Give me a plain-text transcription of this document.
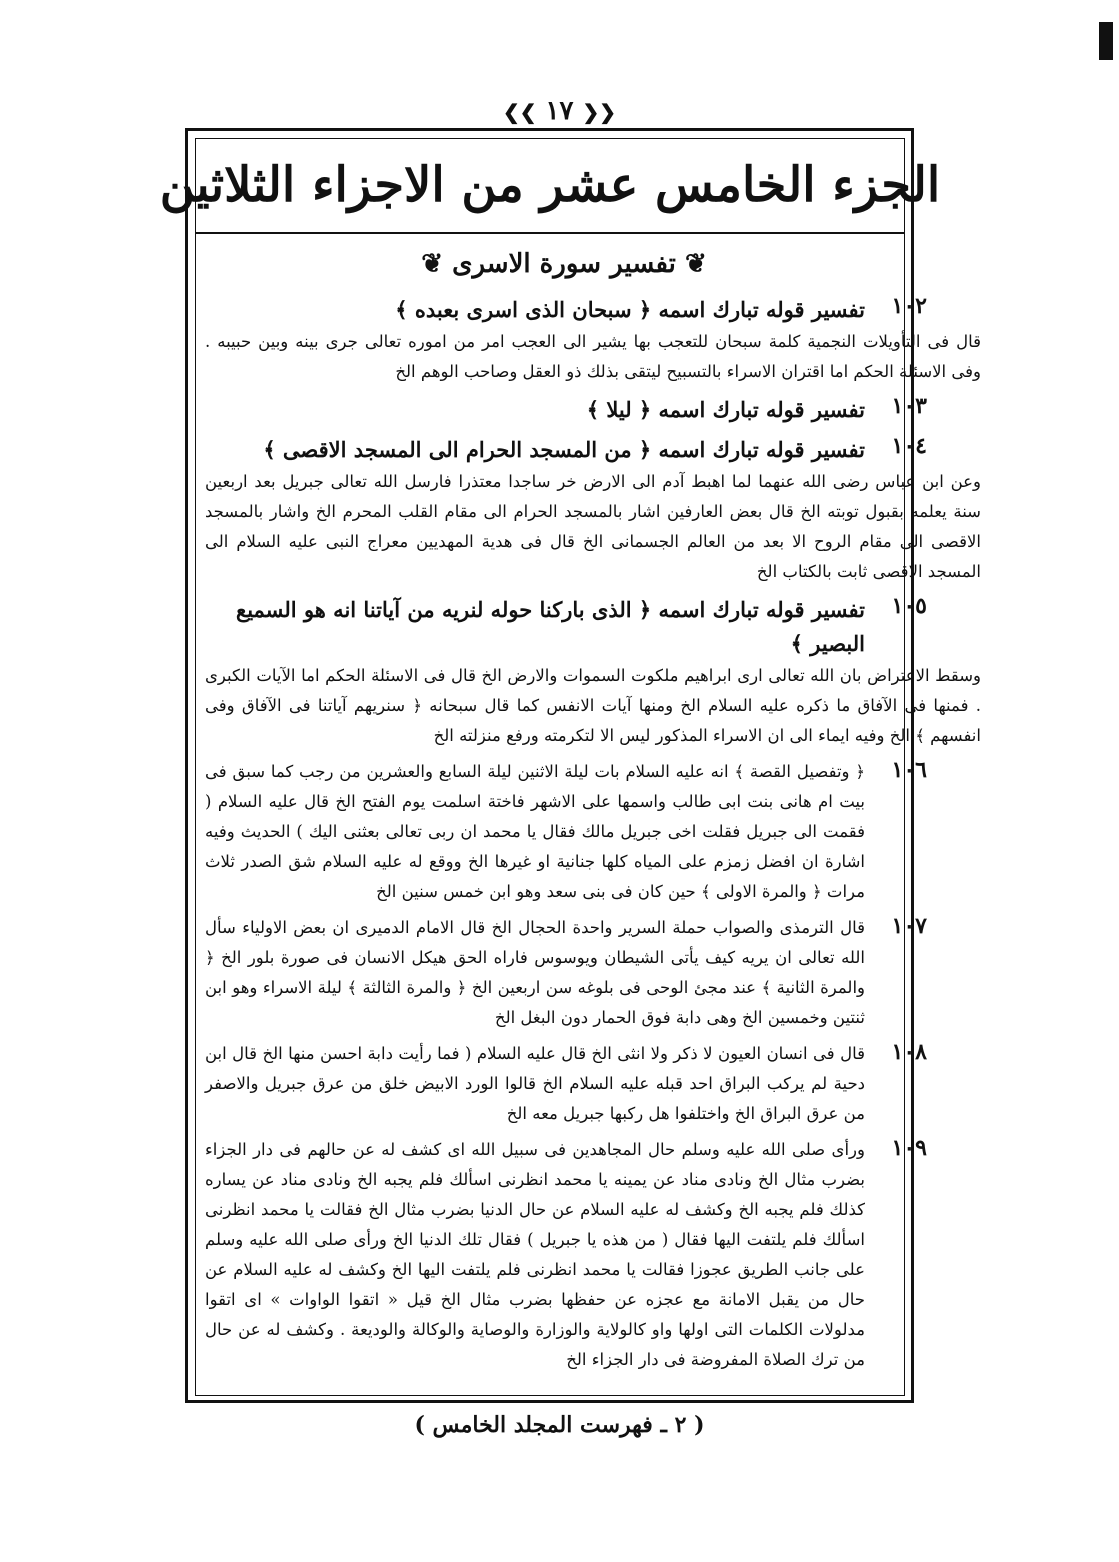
❮❮ ١٧ ❯❯
الجزء الخامس عشر من الاجزاء الثلاثين
❦ تفسير سورة الاسرى ❦
١٠٢
تفسير قوله تبارك اسمه ﴿ سبحان الذى اسرى بعبده ﴾
قال فى التأويلات النجمية كلمة سبحان للتعجب بها يشير الى العجب امر من اموره تعالى جرى بينه وبين حبيبه . وفى الاسئلة الحكم اما اقتران الاسراء بالتسبيح ليتقى بذلك ذو العقل وصاحب الوهم الخ
١٠٣
تفسير قوله تبارك اسمه ﴿ ليلا ﴾
١٠٤
تفسير قوله تبارك اسمه ﴿ من المسجد الحرام الى المسجد الاقصى ﴾
وعن ابن عباس رضى الله عنهما لما اهبط آدم الى الارض خر ساجدا معتذرا فارسل الله تعالى جبريل بعد اربعين سنة يعلمه بقبول توبته الخ قال بعض العارفين اشار بالمسجد الحرام الى مقام القلب المحرم الخ واشار بالمسجد الاقصى الى مقام الروح الا بعد من العالم الجسمانى الخ قال فى هدية المهديين معراج النبى عليه السلام الى المسجد الاقصى ثابت بالكتاب الخ
١٠٥
تفسير قوله تبارك اسمه ﴿ الذى باركنا حوله لنريه من آياتنا انه هو السميع البصير ﴾
وسقط الاعتراض بان الله تعالى ارى ابراهيم ملكوت السموات والارض الخ قال فى الاسئلة الحكم اما الآيات الكبرى . فمنها فى الآفاق ما ذكره عليه السلام الخ ومنها آيات الانفس كما قال سبحانه ﴿ سنريهم آياتنا فى الآفاق وفى انفسهم ﴾ الخ وفيه ايماء الى ان الاسراء المذكور ليس الا لتكرمته ورفع منزلته الخ
١٠٦
﴿ وتفصيل القصة ﴾ انه عليه السلام بات ليلة الاثنين ليلة السابع والعشرين من رجب كما سبق فى بيت ام هانى بنت ابى طالب واسمها على الاشهر فاختة اسلمت يوم الفتح الخ قال عليه السلام ( فقمت الى جبريل فقلت اخى جبريل مالك فقال يا محمد ان ربى تعالى بعثنى اليك ) الحديث وفيه اشارة ان افضل زمزم على المياه كلها جنانية او غيرها الخ ووقع له عليه السلام شق الصدر ثلاث مرات ﴿ والمرة الاولى ﴾ حين كان فى بنى سعد وهو ابن خمس سنين الخ
١٠٧
قال الترمذى والصواب حملة السرير واحدة الحجال الخ قال الامام الدميرى ان بعض الاولياء سأل الله تعالى ان يريه كيف يأتى الشيطان ويوسوس فاراه الحق هيكل الانسان فى صورة بلور الخ ﴿ والمرة الثانية ﴾ عند مجئ الوحى فى بلوغه سن اربعين الخ ﴿ والمرة الثالثة ﴾ ليلة الاسراء وهو ابن ثنتين وخمسين الخ وهى دابة فوق الحمار دون البغل الخ
١٠٨
قال فى انسان العيون لا ذكر ولا انثى الخ قال عليه السلام ( فما رأيت دابة احسن منها الخ قال ابن دحية لم يركب البراق احد قبله عليه السلام الخ قالوا الورد الابيض خلق من عرق جبريل والاصفر من عرق البراق الخ واختلفوا هل ركبها جبريل معه الخ
١٠٩
ورأى صلى الله عليه وسلم حال المجاهدين فى سبيل الله اى كشف له عن حالهم فى دار الجزاء بضرب مثال الخ ونادى مناد عن يمينه يا محمد انظرنى اسألك فلم يجبه الخ ونادى مناد عن يساره كذلك فلم يجبه الخ وكشف له عليه السلام عن حال الدنيا بضرب مثال الخ فقالت يا محمد انظرنى اسألك فلم يلتفت اليها فقال ( من هذه يا جبريل ) فقال تلك الدنيا الخ ورأى صلى الله عليه وسلم على جانب الطريق عجوزا فقالت يا محمد انظرنى فلم يلتفت اليها الخ وكشف له عليه السلام عن حال من يقبل الامانة مع عجزه عن حفظها بضرب مثال الخ قيل « اتقوا الواوات » اى اتقوا مدلولات الكلمات التى اولها واو كالولاية والوزارة والوصاية والوكالة والوديعة . وكشف له عن حال من ترك الصلاة المفروضة فى دار الجزاء الخ
( ٢ ـ فهرست المجلد الخامس )
